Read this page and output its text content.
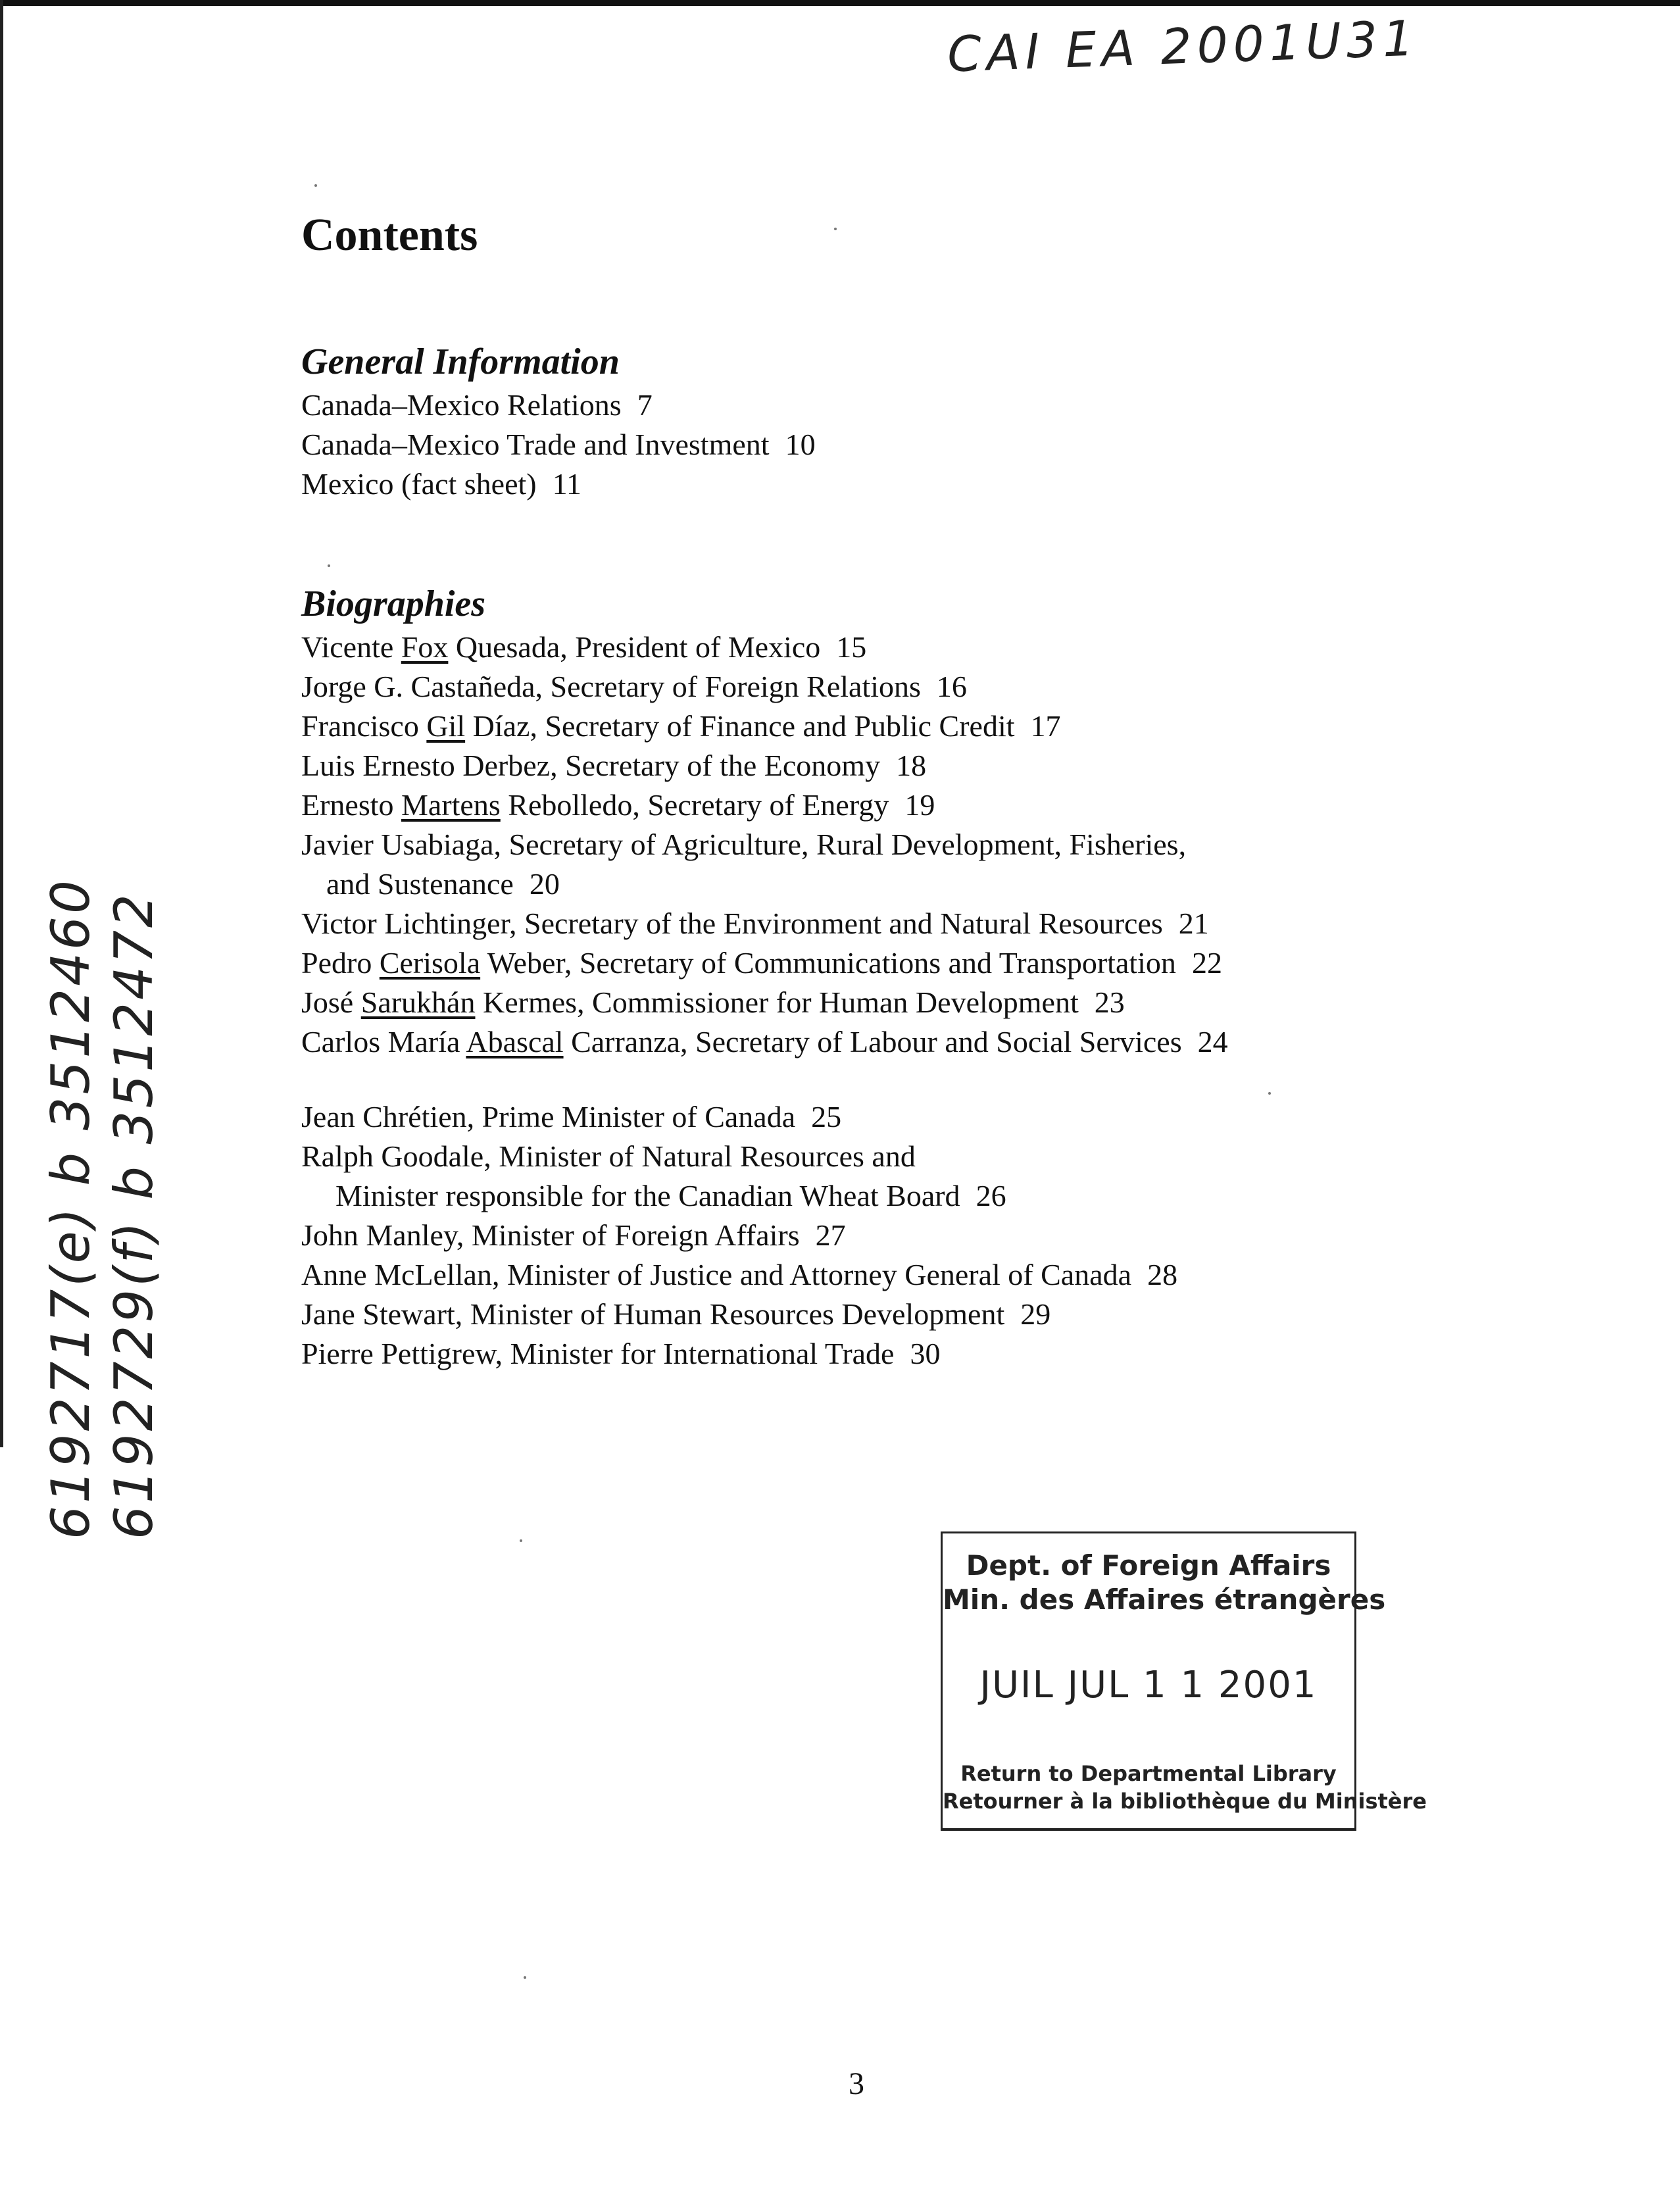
CAI EA 2001U31
6192717(e) b 3512460 6192729(f) b 3512472
Contents
General Information
Canada–Mexico Relations 7
Canada–Mexico Trade and Investment 10
Mexico (fact sheet) 11
Biographies
Vicente Fox Quesada, President of Mexico 15
Jorge G. Castañeda, Secretary of Foreign Relations 16
Francisco Gil Díaz, Secretary of Finance and Public Credit 17
Luis Ernesto Derbez, Secretary of the Economy 18
Ernesto Martens Rebolledo, Secretary of Energy 19
Javier Usabiaga, Secretary of Agriculture, Rural Development, Fisheries,
and Sustenance 20
Victor Lichtinger, Secretary of the Environment and Natural Resources 21
Pedro Cerisola Weber, Secretary of Communications and Transportation 22
José Sarukhán Kermes, Commissioner for Human Development 23
Carlos María Abascal Carranza, Secretary of Labour and Social Services 24
Jean Chrétien, Prime Minister of Canada 25
Ralph Goodale, Minister of Natural Resources and
Minister responsible for the Canadian Wheat Board 26
John Manley, Minister of Foreign Affairs 27
Anne McLellan, Minister of Justice and Attorney General of Canada 28
Jane Stewart, Minister of Human Resources Development 29
Pierre Pettigrew, Minister for International Trade 30
Dept. of Foreign Affairs
Min. des Affaires étrangères
JUIL JUL 1 1 2001
Return to Departmental Library
Retourner à la bibliothèque du Ministère
3
